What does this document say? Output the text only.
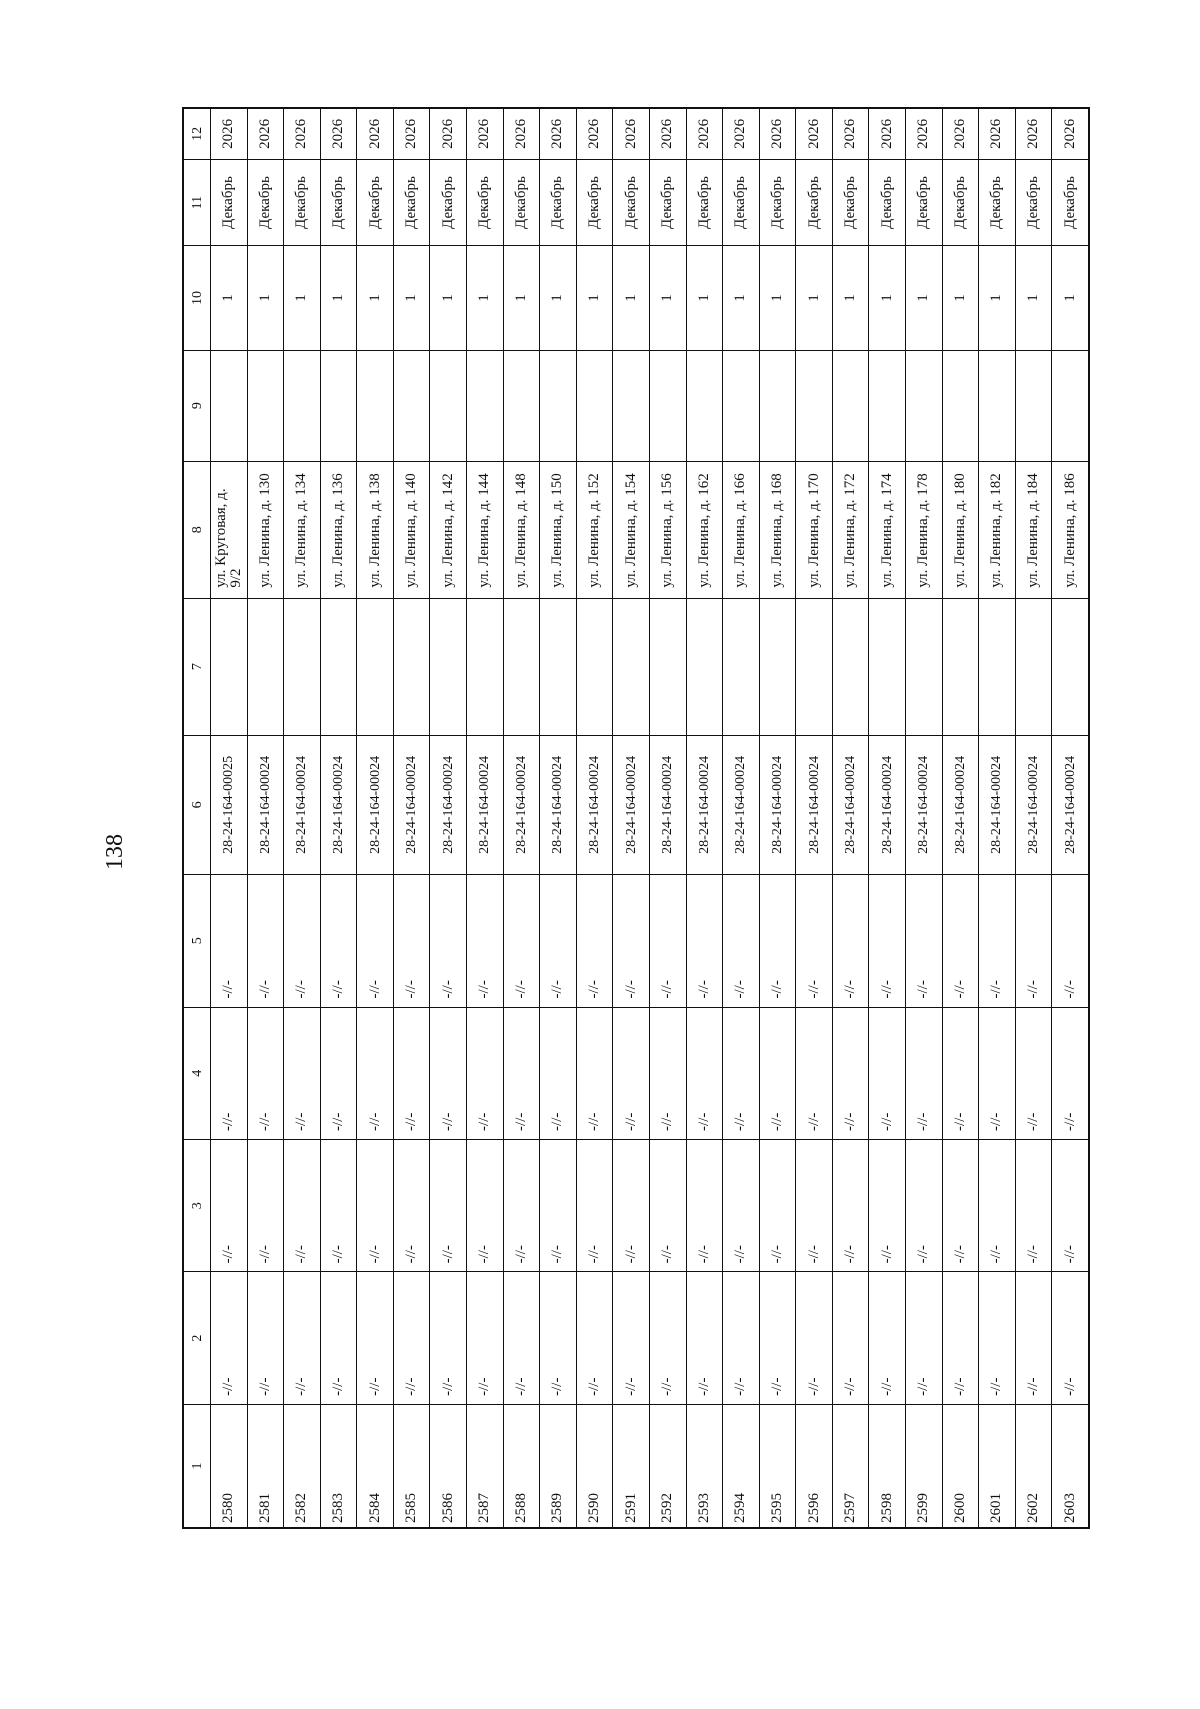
138
1	2	3	4	5	6	7	8	9	10	11	12
2580	-//-	-//-	-//-	-//-	28-24-164-00025		ул. Круговая, д. 9/2		1	Декабрь	2026
2581	-//-	-//-	-//-	-//-	28-24-164-00024		ул. Ленина, д. 130		1	Декабрь	2026
2582	-//-	-//-	-//-	-//-	28-24-164-00024		ул. Ленина, д. 134		1	Декабрь	2026
2583	-//-	-//-	-//-	-//-	28-24-164-00024		ул. Ленина, д. 136		1	Декабрь	2026
2584	-//-	-//-	-//-	-//-	28-24-164-00024		ул. Ленина, д. 138		1	Декабрь	2026
2585	-//-	-//-	-//-	-//-	28-24-164-00024		ул. Ленина, д. 140		1	Декабрь	2026
2586	-//-	-//-	-//-	-//-	28-24-164-00024		ул. Ленина, д. 142		1	Декабрь	2026
2587	-//-	-//-	-//-	-//-	28-24-164-00024		ул. Ленина, д. 144		1	Декабрь	2026
2588	-//-	-//-	-//-	-//-	28-24-164-00024		ул. Ленина, д. 148		1	Декабрь	2026
2589	-//-	-//-	-//-	-//-	28-24-164-00024		ул. Ленина, д. 150		1	Декабрь	2026
2590	-//-	-//-	-//-	-//-	28-24-164-00024		ул. Ленина, д. 152		1	Декабрь	2026
2591	-//-	-//-	-//-	-//-	28-24-164-00024		ул. Ленина, д. 154		1	Декабрь	2026
2592	-//-	-//-	-//-	-//-	28-24-164-00024		ул. Ленина, д. 156		1	Декабрь	2026
2593	-//-	-//-	-//-	-//-	28-24-164-00024		ул. Ленина, д. 162		1	Декабрь	2026
2594	-//-	-//-	-//-	-//-	28-24-164-00024		ул. Ленина, д. 166		1	Декабрь	2026
2595	-//-	-//-	-//-	-//-	28-24-164-00024		ул. Ленина, д. 168		1	Декабрь	2026
2596	-//-	-//-	-//-	-//-	28-24-164-00024		ул. Ленина, д. 170		1	Декабрь	2026
2597	-//-	-//-	-//-	-//-	28-24-164-00024		ул. Ленина, д. 172		1	Декабрь	2026
2598	-//-	-//-	-//-	-//-	28-24-164-00024		ул. Ленина, д. 174		1	Декабрь	2026
2599	-//-	-//-	-//-	-//-	28-24-164-00024		ул. Ленина, д. 178		1	Декабрь	2026
2600	-//-	-//-	-//-	-//-	28-24-164-00024		ул. Ленина, д. 180		1	Декабрь	2026
2601	-//-	-//-	-//-	-//-	28-24-164-00024		ул. Ленина, д. 182		1	Декабрь	2026
2602	-//-	-//-	-//-	-//-	28-24-164-00024		ул. Ленина, д. 184		1	Декабрь	2026
2603	-//-	-//-	-//-	-//-	28-24-164-00024		ул. Ленина, д. 186		1	Декабрь	2026
